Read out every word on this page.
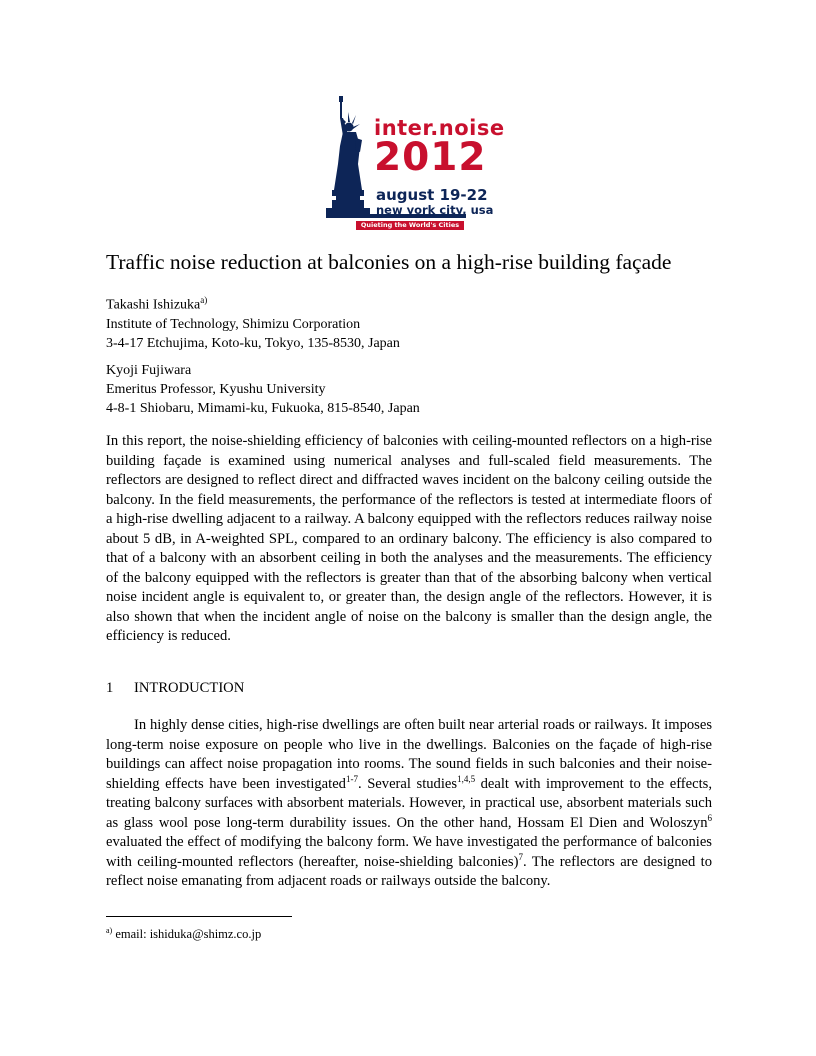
inter.noise
2012
august 19-22
new york city, usa
Quieting the World's Cities
Traffic noise reduction at balconies on a high-rise building façade
Takashi Ishizuka$^{a)}$
Institute of Technology, Shimizu Corporation
3-4-17 Etchujima, Koto-ku, Tokyo, 135-8530, Japan
Kyoji Fujiwara
Emeritus Professor, Kyushu University
4-8-1 Shiobaru, Mimami-ku, Fukuoka, 815-8540, Japan

In this report, the noise-shielding efficiency of balconies with ceiling-mounted reflectors on a high-rise building façade is examined using numerical analyses and full-scaled field measurements. The reflectors are designed to reflect direct and diffracted waves incident on the balcony ceiling outside the balcony. In the field measurements, the performance of the reflectors is tested at intermediate floors of a high-rise dwelling adjacent to a railway. A balcony equipped with the reflectors reduces railway noise about 5 dB, in A-weighted SPL, compared to an ordinary balcony. The efficiency is also compared to that of a balcony with an absorbent ceiling in both the analyses and the measurements. The efficiency of the balcony equipped with the reflectors is greater than that of the absorbing balcony when vertical noise incident angle is equivalent to, or greater than, the design angle of the reflectors. However, it is also shown that when the incident angle of noise on the balcony is smaller than the design angle, the efficiency is reduced.

1 INTRODUCTION

In highly dense cities, high-rise dwellings are often built near arterial roads or railways. It imposes long-term noise exposure on people who live in the dwellings. Balconies on the façade of high-rise buildings can affect noise propagation into rooms. The sound fields in such balconies and their noise-shielding effects have been investigated$^{1-7}$. Several studies$^{1,4,5}$ dealt with improvement to the effects, treating balcony surfaces with absorbent materials. However, in practical use, absorbent materials such as glass wool pose long-term durability issues. On the other hand, Hossam El Dien and Woloszyn$^6$ evaluated the effect of modifying the balcony form. We have investigated the performance of balconies with ceiling-mounted reflectors (hereafter, noise-shielding balconies)$^7$. The reflectors are designed to reflect noise emanating from adjacent roads or railways outside the balcony.

$^{a)}$ email: ishiduka@shimz.co.jp
